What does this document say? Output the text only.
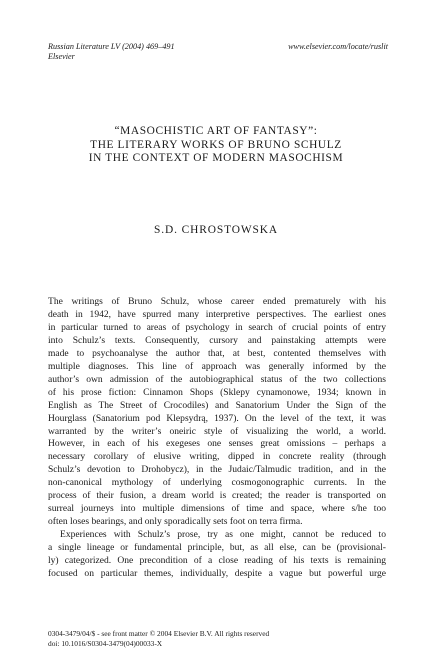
Russian Literature LV (2004) 469–491
Elsevier
www.elsevier.com/locate/ruslit
“MASOCHISTIC ART OF FANTASY”:
THE LITERARY WORKS OF BRUNO SCHULZ
IN THE CONTEXT OF MODERN MASOCHISM
S.D. CHROSTOWSKA
The writings of Bruno Schulz, whose career ended prematurely with his
death in 1942, have spurred many interpretive perspectives. The earliest ones
in particular turned to areas of psychology in search of crucial points of entry
into Schulz’s texts. Consequently, cursory and painstaking attempts were
made to psychoanalyse the author that, at best, contented themselves with
multiple diagnoses. This line of approach was generally informed by the
author’s own admission of the autobiographical status of the two collections
of his prose fiction: Cinnamon Shops (Sklepy cynamonowe, 1934; known in
English as The Street of Crocodiles) and Sanatorium Under the Sign of the
Hourglass (Sanatorium pod Klepsydrą, 1937). On the level of the text, it was
warranted by the writer’s oneiric style of visualizing the world, a world.
However, in each of his exegeses one senses great omissions – perhaps a
necessary corollary of elusive writing, dipped in concrete reality (through
Schulz’s devotion to Drohobycz), in the Judaic/Talmudic tradition, and in the
non-canonical mythology of underlying cosmogonographic currents. In the
process of their fusion, a dream world is created; the reader is transported on
surreal journeys into multiple dimensions of time and space, where s/he too
often loses bearings, and only sporadically sets foot on terra firma.
Experiences with Schulz’s prose, try as one might, cannot be reduced to
a single lineage or fundamental principle, but, as all else, can be (provisional-
ly) categorized. One precondition of a close reading of his texts is remaining
focused on particular themes, individually, despite a vague but powerful urge
0304-3479/04/$ - see front matter © 2004 Elsevier B.V. All rights reserved
doi: 10.1016/S0304-3479(04)00033-X
